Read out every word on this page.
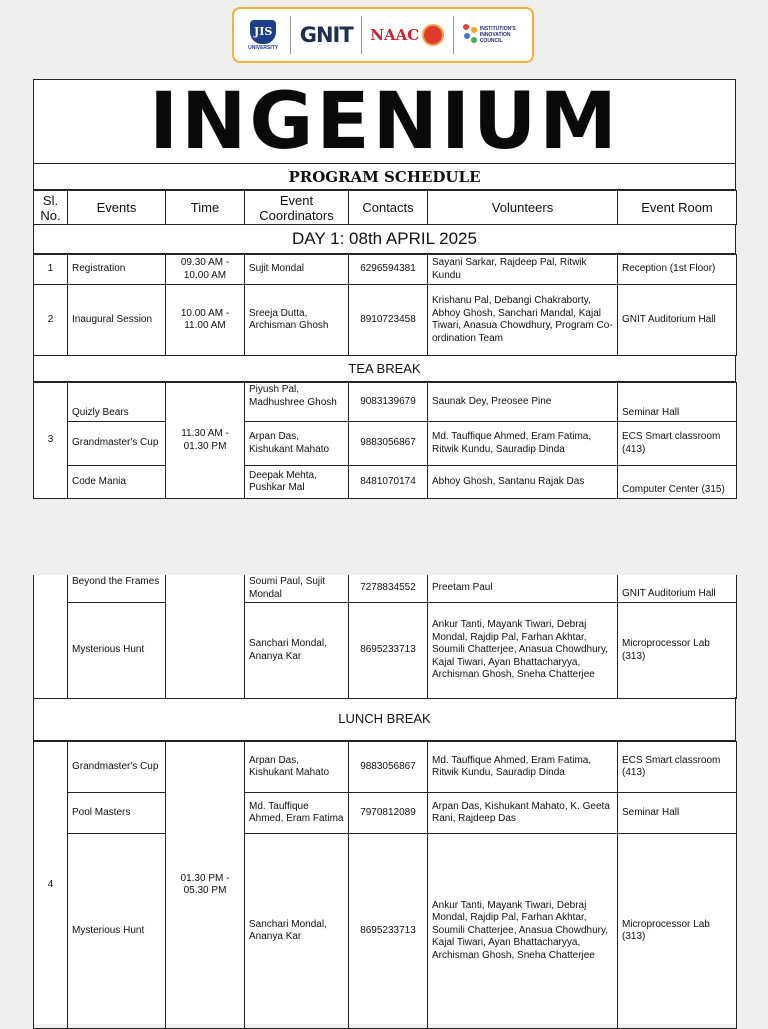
JIS
UNIVERSITY
GNIT NAAC	INSTITUTION'S INNOVATION COUNCIL
INGENIUM
PROGRAM SCHEDULE
Sl. No.	Events	Time	Event Coordinators	Contacts	Volunteers	Event Room
DAY 1: 08th APRIL 2025
1	Registration	09.30 AM - 10.00 AM	Sujit Mondal	6296594381	Sayani Sarkar, Rajdeep Pal, Ritwik Kundu	Reception (1st Floor)
2	Inaugural Session	10.00 AM - 11.00 AM	Sreeja Dutta, Archisman Ghosh	8910723458	Krishanu Pal, Debangi Chakraborty, Abhoy Ghosh, Sanchari Mandal, Kajal Tiwari, Anasua Chowdhury, Program Co-ordination Team	GNIT Auditorium Hall
TEA BREAK
3	Quizly Bears	11.30 AM - 01.30 PM	Piyush Pal, Madhushree Ghosh	9083139679	Saunak Dey, Preosee Pine	Seminar Hall
	Grandmaster's Cup		Arpan Das, Kishukant Mahato	9883056867	Md. Tauffique Ahmed, Eram Fatima, Ritwik Kundu, Sauradip Dinda	ECS Smart classroom (413)
	Code Mania		Deepak Mehta, Pushkar Mal	8481070174	Abhoy Ghosh, Santanu Rajak Das	Computer Center (315)
	Beyond the Frames		Soumi Paul, Sujit Mondal	7278834552	Preetam Paul	GNIT Auditorium Hall
	Mysterious Hunt		Sanchari Mondal, Ananya Kar	8695233713	Ankur Tanti, Mayank Tiwari, Debraj Mondal, Rajdip Pal, Farhan Akhtar, Soumili Chatterjee, Anasua Chowdhury, Kajal Tiwari, Ayan Bhattacharyya, Archisman Ghosh, Sneha Chatterjee	Microprocessor Lab (313)
LUNCH BREAK
4	Grandmaster's Cup	01.30 PM - 05.30 PM	Arpan Das, Kishukant Mahato	9883056867	Md. Tauffique Ahmed, Eram Fatima, Ritwik Kundu, Sauradip Dinda	ECS Smart classroom (413)
	Pool Masters		Md. Tauffique Ahmed, Eram Fatima	7970812089	Arpan Das, Kishukant Mahato, K. Geeta Rani, Rajdeep Das	Seminar Hall
	Mysterious Hunt		Sanchari Mondal, Ananya Kar	8695233713	Ankur Tanti, Mayank Tiwari, Debraj Mondal, Rajdip Pal, Farhan Akhtar, Soumili Chatterjee, Anasua Chowdhury, Kajal Tiwari, Ayan Bhattacharyya, Archisman Ghosh, Sneha Chatterjee	Microprocessor Lab (313)
